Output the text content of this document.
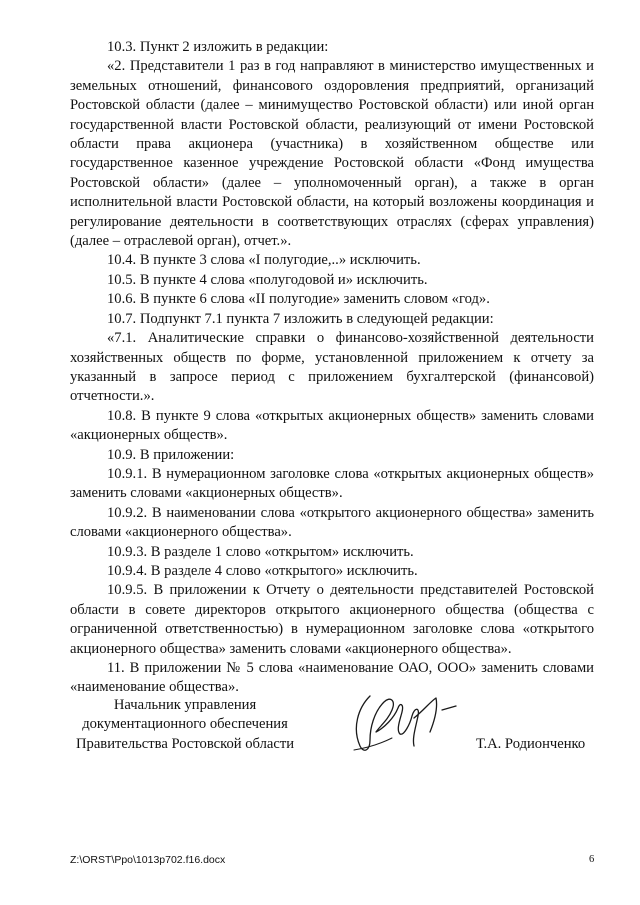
10.3. Пункт 2 изложить в редакции:

«2. Представители 1 раз в год направляют в министерство имущественных и земельных отношений, финансового оздоровления предприятий, организаций Ростовской области (далее – минимущество Ростовской области) или иной орган государственной власти Ростовской области, реализующий от имени Ростовской области права акционера (участника) в хозяйственном обществе или государственное казенное учреждение Ростовской области «Фонд имущества Ростовской области» (далее – уполномоченный орган), а также в орган исполнительной власти Ростовской области, на который возложены координация и регулирование деятельности в соответствующих отраслях (сферах управления) (далее – отраслевой орган), отчет.».

10.4. В пункте 3 слова «I полугодие,..» исключить.

10.5. В пункте 4 слова «полугодовой и» исключить.

10.6. В пункте 6 слова «II полугодие» заменить словом «год».

10.7. Подпункт 7.1 пункта 7 изложить в следующей редакции:

«7.1. Аналитические справки о финансово-хозяйственной деятельности хозяйственных обществ по форме, установленной приложением к отчету за указанный в запросе период с приложением бухгалтерской (финансовой) отчетности.».

10.8. В пункте 9 слова «открытых акционерных обществ» заменить словами «акционерных обществ».

10.9. В приложении:

10.9.1. В нумерационном заголовке слова «открытых акционерных обществ» заменить словами «акционерных обществ».

10.9.2. В наименовании слова «открытого акционерного общества» заменить словами «акционерного общества».

10.9.3. В разделе 1 слово «открытом» исключить.

10.9.4. В разделе 4 слово «открытого» исключить.

10.9.5. В приложении к Отчету о деятельности представителей Ростовской области в совете директоров открытого акционерного общества (общества с ограниченной ответственностью) в нумерационном заголовке слова «открытого акционерного общества» заменить словами «акционерного общества».

11. В приложении № 5 слова «наименование ОАО, ООО» заменить словами «наименование общества».

Начальник управления
документационного обеспечения
Правительства Ростовской области	Т.А. Родионченко
Z:\ORST\Ppo\1013p702.f16.docx	6
